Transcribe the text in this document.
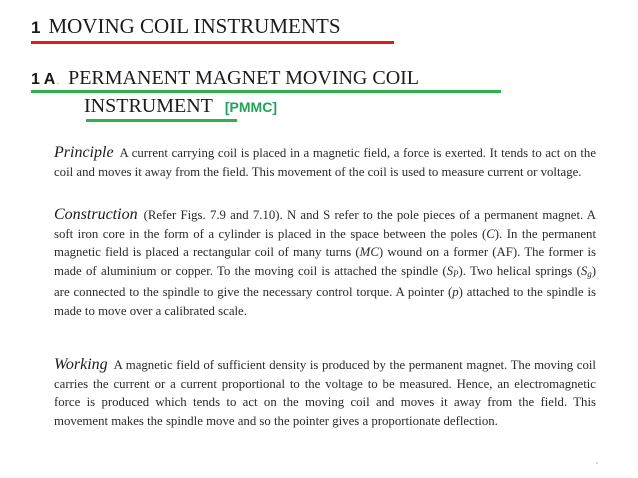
1 MOVING COIL INSTRUMENTS
1 A. PERMANENT MAGNET MOVING COIL
INSTRUMENT [PMMC]
Principle A current carrying coil is placed in a magnetic field, a force is exerted. It tends to act on the coil and moves it away from the field. This movement of the coil is used to measure current or voltage.
Construction (Refer Figs. 7.9 and 7.10). N and S refer to the pole pieces of a permanent magnet. A soft iron core in the form of a cylinder is placed in the space between the poles (C). In the permanent magnetic field is placed a rectangular coil of many turns (MC) wound on a former (AF). The former is made of aluminium or copper. To the moving coil is attached the spindle $(S_P)$. Two helical springs $(S_g)$ are connected to the spindle to give the necessary control torque. A pointer (p) attached to the spindle is made to move over a calibrated scale.
Working A magnetic field of sufficient density is produced by the permanent magnet. The moving coil carries the current or a current proportional to the voltage to be measured. Hence, an electromagnetic force is produced which tends to act on the moving coil and moves it away from the field. This movement makes the spindle move and so the pointer gives a proportionate deflection.
